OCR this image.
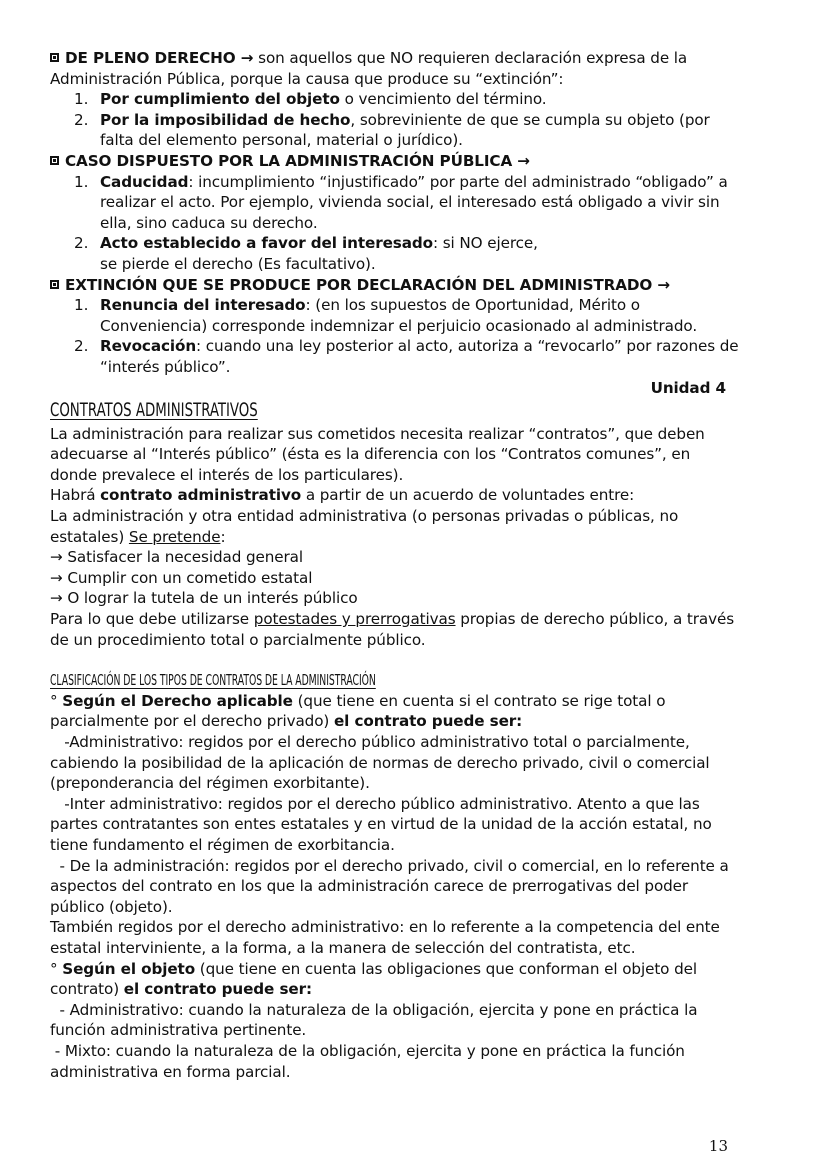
DE PLENO DERECHO → son aquellos que NO requieren declaración expresa de la Administración Pública, porque la causa que produce su “extinción”:

1. Por cumplimiento del objeto o vencimiento del término.
2. Por la imposibilidad de hecho, sobreviniente de que se cumpla su objeto (por falta del elemento personal, material o jurídico).

CASO DISPUESTO POR LA ADMINISTRACIÓN PÚBLICA →

1. Caducidad: incumplimiento “injustificado” por parte del administrado “obligado” a realizar el acto. Por ejemplo, vivienda social, el interesado está obligado a vivir sin ella, sino caduca su derecho.
2. Acto establecido a favor del interesado: si NO ejerce, se pierde el derecho (Es facultativo).

EXTINCIÓN QUE SE PRODUCE POR DECLARACIÓN DEL ADMINISTRADO →

1. Renuncia del interesado: (en los supuestos de Oportunidad, Mérito o Conveniencia) corresponde indemnizar el perjuicio ocasionado al administrado.
2. Revocación: cuando una ley posterior al acto, autoriza a “revocarlo” por razones de “interés público”.
Unidad 4
CONTRATOS ADMINISTRATIVOS

La administración para realizar sus cometidos necesita realizar “contratos”, que deben adecuarse al “Interés público” (ésta es la diferencia con los “Contratos comunes”, en donde prevalece el interés de los particulares).

Habrá contrato administrativo a partir de un acuerdo de voluntades entre:

La administración y otra entidad administrativa (o personas privadas o públicas, no estatales) Se pretende:

→ Satisfacer la necesidad general

→ Cumplir con un cometido estatal

→ O lograr la tutela de un interés público

Para lo que debe utilizarse potestades y prerrogativas propias de derecho público, a través de un procedimiento total o parcialmente público.

CLASIFICACIÓN DE LOS TIPOS DE CONTRATOS DE LA ADMINISTRACIÓN

° Según el Derecho aplicable (que tiene en cuenta si el contrato se rige total o parcialmente por el derecho privado) el contrato puede ser:

-Administrativo: regidos por el derecho público administrativo total o parcialmente, cabiendo la posibilidad de la aplicación de normas de derecho privado, civil o comercial (preponderancia del régimen exorbitante).

-Inter administrativo: regidos por el derecho público administrativo. Atento a que las partes contratantes son entes estatales y en virtud de la unidad de la acción estatal, no tiene fundamento el régimen de exorbitancia.

- De la administración: regidos por el derecho privado, civil o comercial, en lo referente a aspectos del contrato en los que la administración carece de prerrogativas del poder público (objeto).

También regidos por el derecho administrativo: en lo referente a la competencia del ente estatal interviniente, a la forma, a la manera de selección del contratista, etc.

° Según el objeto (que tiene en cuenta las obligaciones que conforman el objeto del contrato) el contrato puede ser:

- Administrativo: cuando la naturaleza de la obligación, ejercita y pone en práctica la función administrativa pertinente.

- Mixto: cuando la naturaleza de la obligación, ejercita y pone en práctica la función administrativa en forma parcial.

13
